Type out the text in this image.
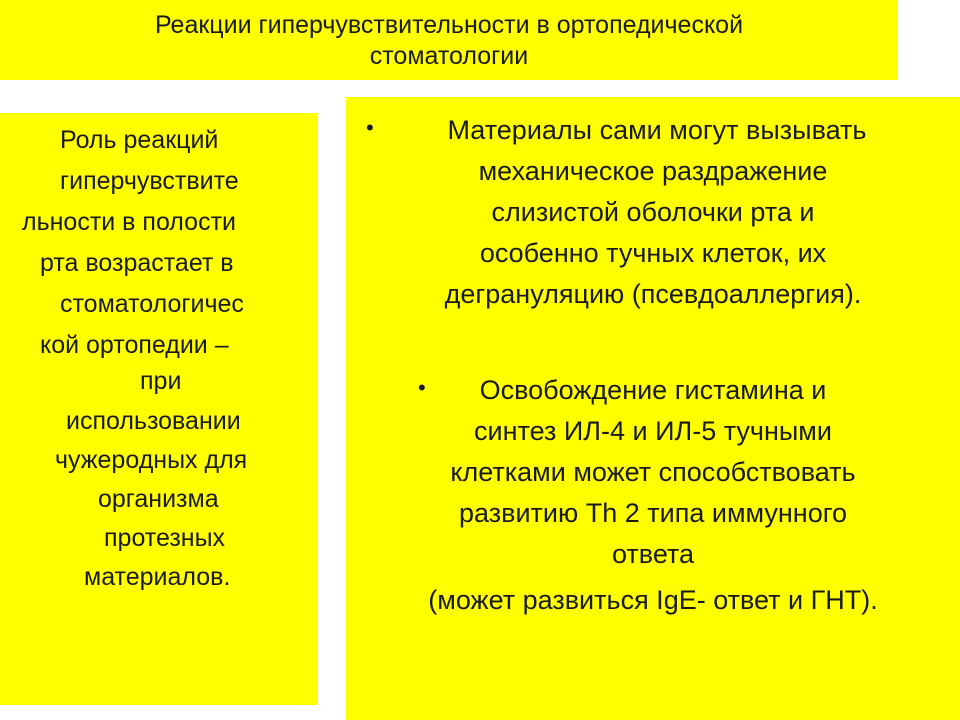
Реакции гиперчувствительности в ортопедической
стоматологии
Роль реакций
гиперчувствите
льности в полости
рта возрастает в
стоматологичес
кой ортопедии –
при
использовании
чужеродных для
организма
протезных
материалов.
•	Материалы сами могут вызывать
механическое раздражение
слизистой оболочки рта и
особенно тучных клеток, их
дегрануляцию (псевдоаллергия).
•	Освобождение гистамина и
синтез ИЛ-4 и ИЛ-5 тучными
клетками может способствовать
развитию Th 2 типа иммунного
ответа
(может развиться IgE- ответ и ГНТ).
